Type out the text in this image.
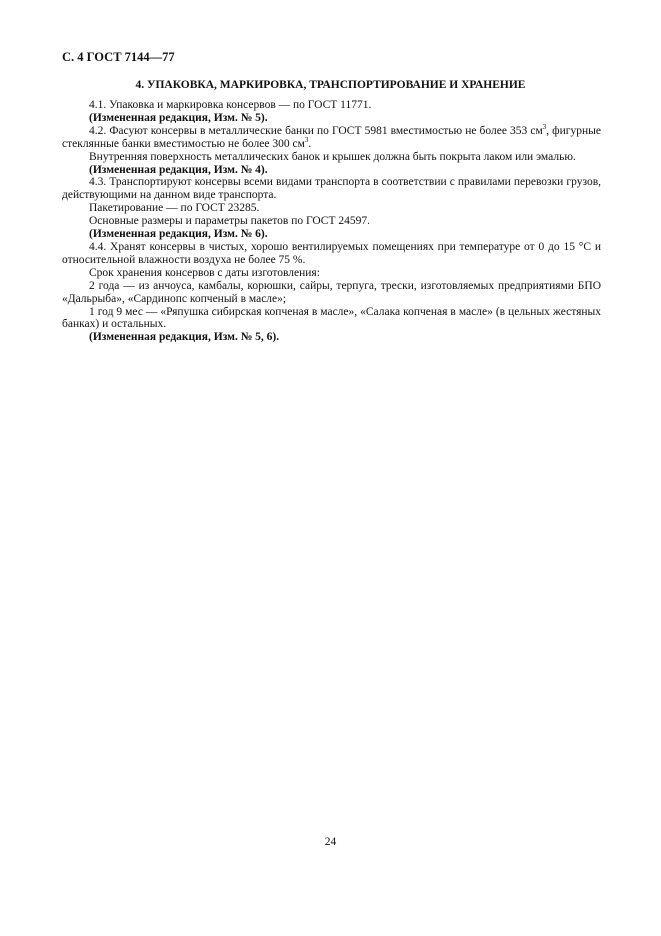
С. 4 ГОСТ 7144—77
4. УПАКОВКА, МАРКИРОВКА, ТРАНСПОРТИРОВАНИЕ И ХРАНЕНИЕ

4.1. Упаковка и маркировка консервов — по ГОСТ 11771.

(Измененная редакция, Изм. № 5).

4.2. Фасуют консервы в металлические банки по ГОСТ 5981 вместимостью не более 353 $см^3$, фигурные стеклянные банки вместимостью не более 300 $см^3$.

Внутренняя поверхность металлических банок и крышек должна быть покрыта лаком или эмалью.

(Измененная редакция, Изм. № 4).

4.3. Транспортируют консервы всеми видами транспорта в соответствии с правилами перевозки грузов, действующими на данном виде транспорта.

Пакетирование — по ГОСТ 23285.

Основные размеры и параметры пакетов по ГОСТ 24597.

(Измененная редакция, Изм. № 6).

4.4. Хранят консервы в чистых, хорошо вентилируемых помещениях при температуре от 0 до 15 °С и относительной влажности воздуха не более 75 %.

Срок хранения консервов с даты изготовления:

2 года — из анчоуса, камбалы, корюшки, сайры, терпуга, трески, изготовляемых предприятиями БПО «Дальрыба», «Сардинопс копченый в масле»;

1 год 9 мес — «Ряпушка сибирская копченая в масле», «Салака копченая в масле» (в цельных жестяных банках) и остальных.

(Измененная редакция, Изм. № 5, 6).

24
